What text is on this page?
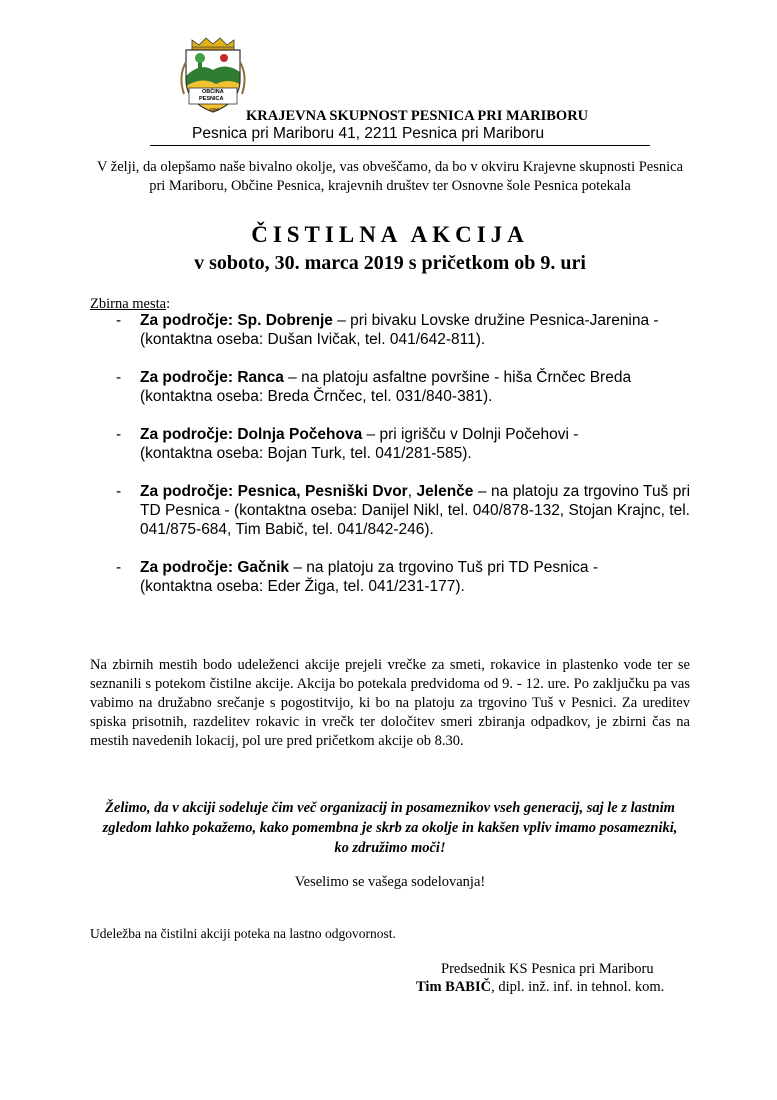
OBČINA
PESNICA
1990 KRAJEVNA SKUPNOST PESNICA PRI MARIBORU
Pesnica pri Mariboru 41, 2211 Pesnica pri Mariboru
V želji, da olepšamo naše bivalno okolje, vas obveščamo, da bo v okviru Krajevne skupnosti Pesnica pri Mariboru, Občine Pesnica, krajevnih društev ter Osnovne šole Pesnica potekala
ČISTILNA AKCIJA
v soboto, 30. marca 2019 s pričetkom ob 9. uri
Zbirna mesta:
- Za področje: Sp. Dobrenje – pri bivaku Lovske družine Pesnica-Jarenina -
(kontaktna oseba: Dušan Ivičak, tel. 041/642-811).
- Za področje: Ranca – na platoju asfaltne površine - hiša Črnčec Breda
(kontaktna oseba: Breda Črnčec, tel. 031/840-381).
- Za področje: Dolnja Počehova – pri igrišču v Dolnji Počehovi -
(kontaktna oseba: Bojan Turk, tel. 041/281-585).
- Za področje: Pesnica, Pesniški Dvor, Jelenče – na platoju za trgovino Tuš pri TD Pesnica - (kontaktna oseba: Danijel Nikl, tel. 040/878-132, Stojan Krajnc, tel. 041/875-684, Tim Babič, tel. 041/842-246).
- Za področje: Gačnik – na platoju za trgovino Tuš pri TD Pesnica -
(kontaktna oseba: Eder Žiga, tel. 041/231-177).
Na zbirnih mestih bodo udeleženci akcije prejeli vrečke za smeti, rokavice in plastenko vode ter se seznanili s potekom čistilne akcije. Akcija bo potekala predvidoma od 9. - 12. ure. Po zaključku pa vas vabimo na družabno srečanje s pogostitvijo, ki bo na platoju za trgovino Tuš v Pesnici. Za ureditev spiska prisotnih, razdelitev rokavic in vrečk ter določitev smeri zbiranja odpadkov, je zbirni čas na mestih navedenih lokacij, pol ure pred pričetkom akcije ob 8.30.
Želimo, da v akciji sodeluje čim več organizacij in posameznikov vseh generacij, saj le z lastnim zgledom lahko pokažemo, kako pomembna je skrb za okolje in kakšen vpliv imamo posamezniki, ko združimo moči!
Veselimo se vašega sodelovanja!
Udeležba na čistilni akciji poteka na lastno odgovornost.
Predsednik KS Pesnica pri Mariboru
Tim BABIČ, dipl. inž. inf. in tehnol. kom.
